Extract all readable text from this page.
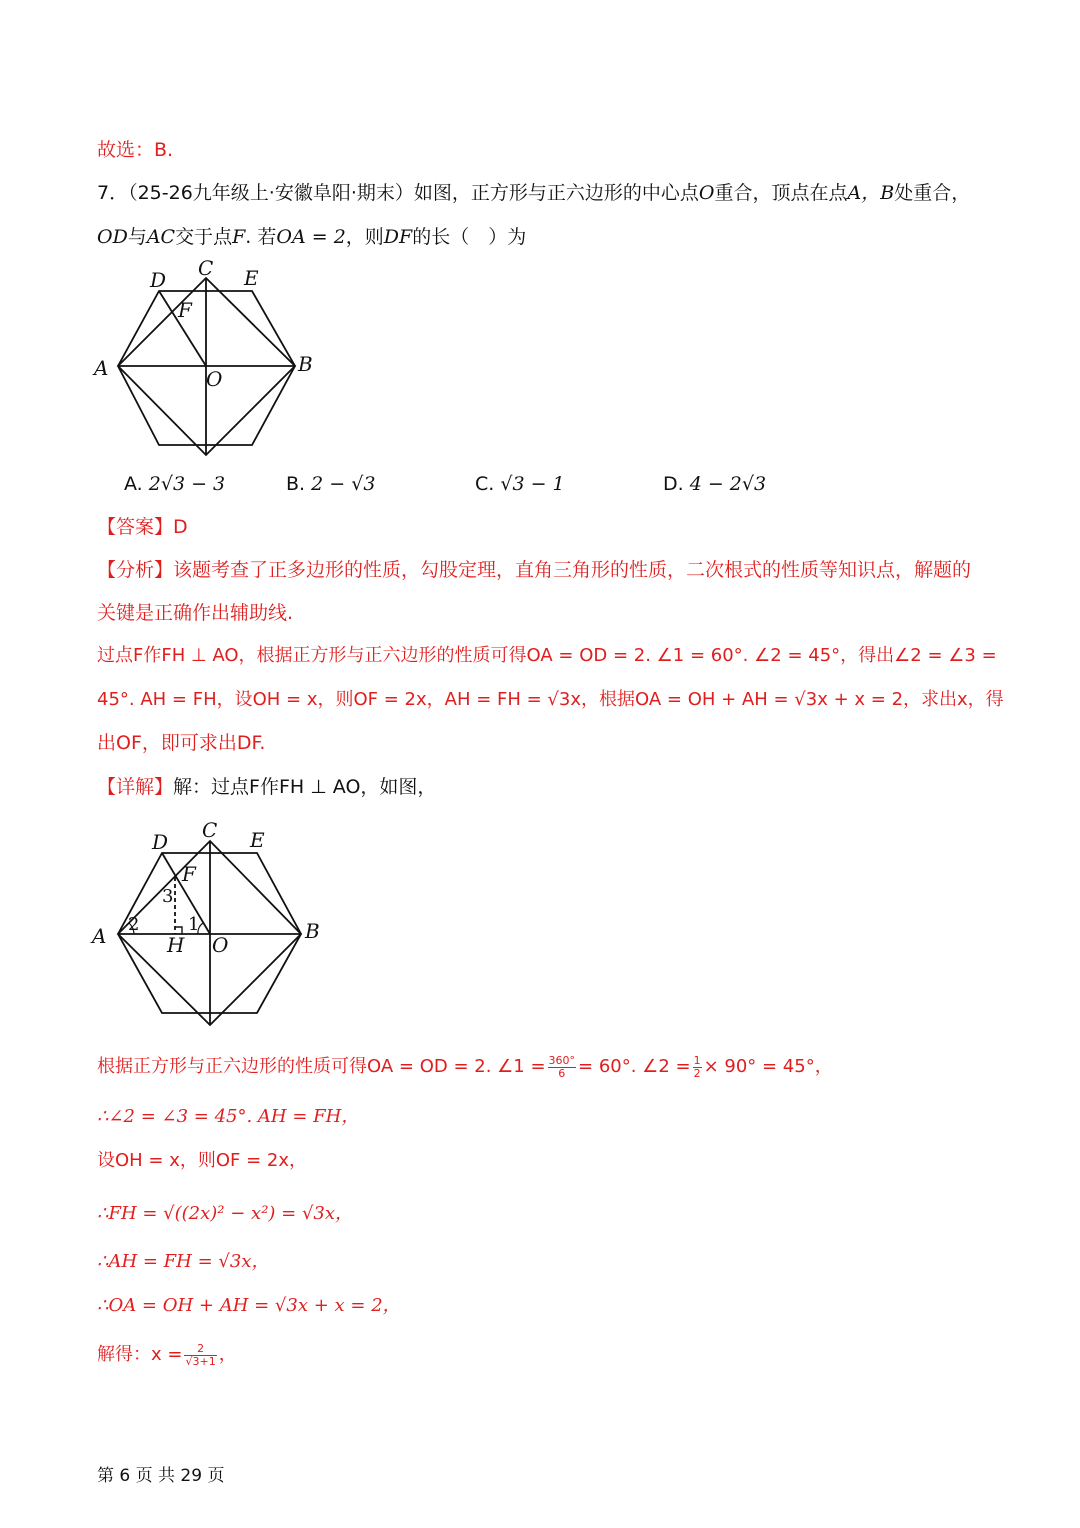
故选：B.
7．（25-26九年级上·安徽阜阳·期末）如图，正方形与正六边形的中心点O重合，顶点在点A，B处重合，
OD与AC交于点F. 若OA = 2，则DF的长（　）为
A	B
C
D	E
F
O
A. 2√3 − 3	B. 2 − √3	C. √3 − 1	D. 4 − 2√3
【答案】D
【分析】该题考查了正多边形的性质，勾股定理，直角三角形的性质，二次根式的性质等知识点，解题的
关键是正确作出辅助线.
过点F作FH ⊥ AO，根据正方形与正六边形的性质可得OA = OD = 2. ∠1 = 60°. ∠2 = 45°，得出∠2 = ∠3 =
45°. AH = FH，设OH = x，则OF = 2x，AH = FH = √3x，根据OA = OH + AH = √3x + x = 2，求出x，得
出OF，即可求出DF.
【详解】解：过点F作FH ⊥ AO，如图，
A	B
C
D	E
F
O
H
1
2
3
根据正方形与正六边形的性质可得OA = OD = 2. ∠1 = $\frac{360^\circ}{6} = 60^\circ$. ∠2 = $\frac{1}{2} \times 90^\circ = 45^\circ$，
∴∠2 = ∠3 = 45°. AH = FH，
设OH = x，则OF = 2x，
∴FH = √((2x)² − x²) = √3x，
∴AH = FH = √3x，
∴OA = OH + AH = √3x + x = 2，
解得：$x = \frac{2}{√3+1}$ ，
第 6 页 共 29 页
